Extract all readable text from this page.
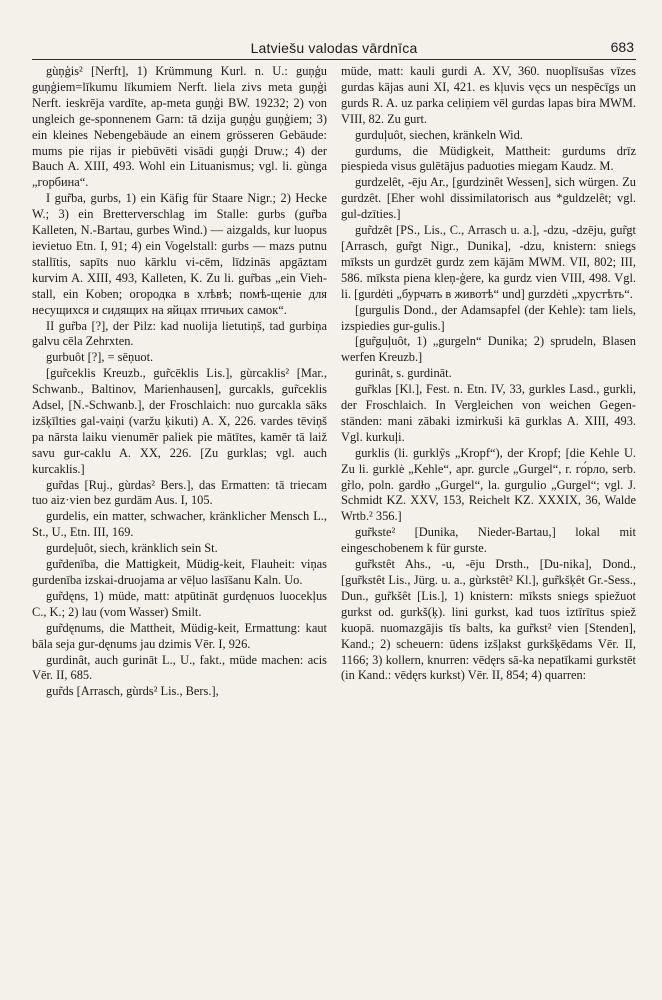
Latviešu valodas vārdnīca	683

gùņģis² [Nerft], 1) Krümmung Kurl. n. U.: guņģu guņģiem=līkumu līkumiem Nerft. liela zivs meta guņģi Nerft. ieskrēja vardīte, ap-meta guņģi BW. 19232; 2) von ungleich ge-sponnenem Garn: tā dzija guņģu guņģiem; 3) ein kleines Nebengebäude an einem grösseren Gebäude: mums pie rijas ir piebūvēti visādi guņģi Druw.; 4) der Bauch A. XIII, 493. Wohl ein Lituanismus; vgl. li. gùnga „горбина“.

I gur̃ba, gurbs, 1) ein Käfig für Staare Nigr.; 2) Hecke W.; 3) ein Bretterverschlag im Stalle: gurbs (gur̃ba Kalleten, N.-Bartau, gurbes Wind.) — aizgalds, kur luopus ievietuo Etn. I, 91; 4) ein Vogelstall: gurbs — mazs putnu stallītis, sapīts nuo kārklu vi-cēm, līdzinās apgāztam kurvim A. XIII, 493, Kalleten, K. Zu li. gur̃bas „ein Vieh-stall, ein Koben; огородка в хлѣвѣ; помѣ-щеніе для несущихся и сидящих на яйцах птичьих самок“.

II gur̃ba [?], der Pilz: kad nuolija lietutiņš, tad gurbiņa galvu cēla Zehrxten.

gurbuôt [?], = sēņuot.

[gur̃ceklis Kreuzb., gur̃cēklis Lis.], gùrcaklis² [Mar., Schwanb., Baltinov, Marienhausen], gurcakls, gur̃ceklis Adsel, [N.-Schwanb.], der Froschlaich: nuo gurcakla sāks izšķīlties gal-vaiņi (varžu ķikuti) A. X, 226. vardes tēviņš pa nārsta laiku vienumēr paliek pie mātītes, kamēr tā laiž savu gur-caklu A. XX, 226. [Zu gurklas; vgl. auch kurcaklis.]

gur̃das [Ruj., gùrdas² Bers.], das Ermatten: tā triecam tuo aiz·vien bez gurdām Aus. I, 105.

gurdelis, ein matter, schwacher, kränklicher Mensch L., St., U., Etn. III, 169.

gurdeļuôt, siech, kränklich sein St.

gur̃denība, die Mattigkeit, Müdig-keit, Flauheit: viņas gurdenība izskai-druojama ar vēļuo lasīšanu Kaln. Uo.

gur̃dęns, 1) müde, matt: atpūtināt gurdęnuos luocekļus C., K.; 2) lau (vom Wasser) Smilt.

gur̃dęnums, die Mattheit, Müdig-keit, Ermattung: kaut bāla seja gur-dęnums jau dzimis Vēr. I, 926.

gurdinât, auch gurināt L., U., fakt., müde machen: acis Vēr. II, 685.

gur̃ds [Arrasch, gùrds² Lis., Bers.],

müde, matt: kauli gurdi A. XV, 360. nuoplīsušas vīzes gurdas kājas auni XI, 421. es kļuvis vęcs un nespēcīgs un gurds R. A. uz parka celiņiem vēl gurdas lapas bira MWM. VIII, 82. Zu gurt.

gurduļuôt, siechen, kränkeln Wid.

gurdums, die Müdigkeit, Mattheit: gurdums drīz piespieda visus gulētājus paduoties miegam Kaudz. M.

gurdzelêt, -ēju Ar., [gurdzinêt Wessen], sich würgen. Zu gurdzêt. [Eher wohl dissimilatorisch aus *guldzelêt; vgl. gul-dzīties.]

gur̃dzêt [PS., Lis., C., Arrasch u. a.], -dzu, -dzēju, gur̃gt [Arrasch, gur̃gt Nigr., Dunika], -dzu, knistern: sniegs mīksts un gurdzēt gurdz zem kājām MWM. VII, 802; III, 586. mīksta piena kleņ-ģere, ka gurdz vien VIII, 498. Vgl. li. [gurdėti „бурчать в животѣ“ und] gurzdėti „хрустѣть“.

[gurgulis Dond., der Adamsapfel (der Kehle): tam liels, izspiedies gur-gulis.]

[gur̃guļuôt, 1) „gurgeln“ Dunika; 2) sprudeln, Blasen werfen Kreuzb.]

gurinât, s. gurdināt.

gur̃klas [Kl.], Fest. n. Etn. IV, 33, gurkles Lasd., gurkli, der Froschlaich. In Vergleichen von weichen Gegen-ständen: mani zābaki izmirkuši kā gurklas A. XIII, 493. Vgl. kurkuļi.

gurklis (li. gurklỹs „Kropf“), der Kropf; [die Kehle U. Zu li. gurklė „Kehle“, apr. gurcle „Gurgel“, r. го́рло, serb. gr̀lo, poln. gardło „Gurgel“, la. gurgulio „Gurgel“; vgl. J. Schmidt KZ. XXV, 153, Reichelt KZ. XXXIX, 36, Walde Wrtb.² 356.]

gur̃kste² [Dunika, Nieder-Bartau,] lokal mit eingeschobenem k für gurste.

gur̃kstêt Ahs., -u, -ēju Drsth., [Du-nika], Dond., [gur̃kstêt Lis., Jürg. u. a., gùrkstêt² Kl.], gur̃kšķêt Gr.-Sess., Dun., gur̃kšêt [Lis.], 1) knistern: mīksts sniegs spiežuot gurkst od. gurkš(ķ). lini gurkst, kad tuos iztīrītus spiež kuopā. nuomazgājis tīs balts, ka gur̃kst² vien [Stenden], Kand.; 2) scheuern: ūdens izšļakst gurkšķēdams Vēr. II, 1166; 3) kollern, knurren: vēdęrs sā-ka nepatīkami gurkstēt (in Kand.: vēdęrs kurkst) Vēr. II, 854; 4) quarren:
